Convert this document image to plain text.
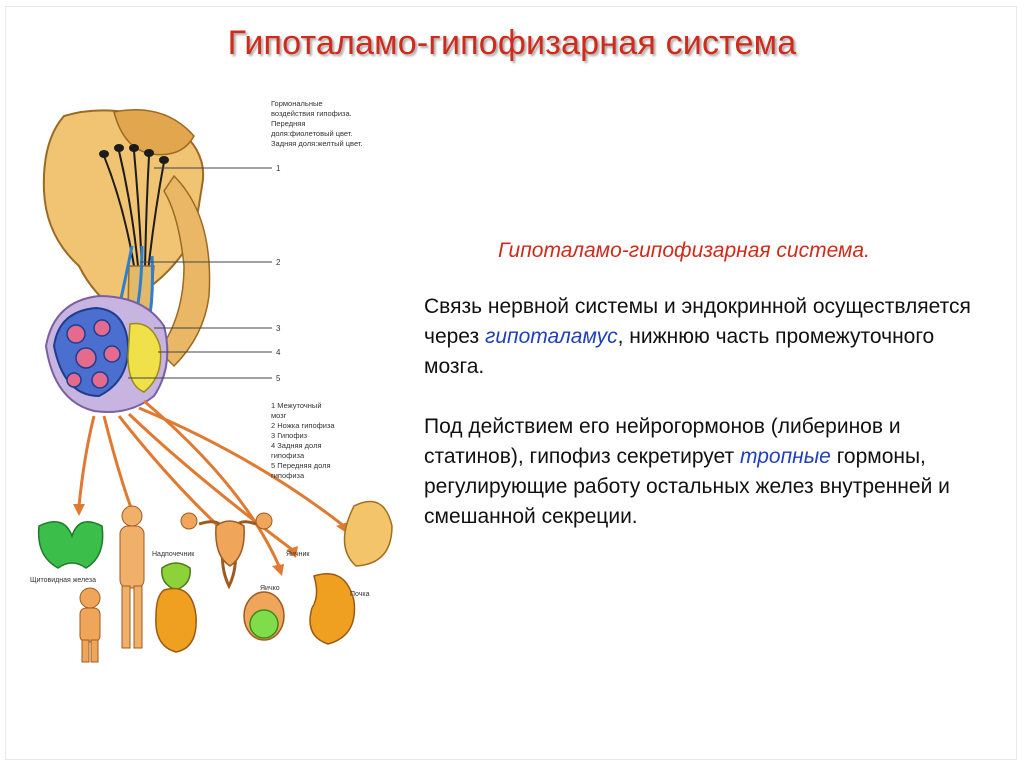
Гипоталамо-гипофизарная система
Гормональные
воздействия гипофиза.
Передняя
доля:фиолетовый цвет.
Задняя доля:желтый цвет.
1
2
3
4
5
1 Межуточный
мозг
2 Ножка гипофиза
3 Гипофиз
4 Задняя доля
гипофиза
5 Передняя доля
гипофиза
Щитовидная железа
Надпочечник	Яичник
Яичко
Почка
Гипоталамо-гипофизарная система.

Связь нервной системы и эндокринной осуществляется через гипоталамус, нижнюю часть промежуточного мозга.

Под действием его нейрогормонов (либеринов и статинов), гипофиз секретирует тропные гормоны, регулирующие работу остальных желез внутренней и смешанной секреции.
